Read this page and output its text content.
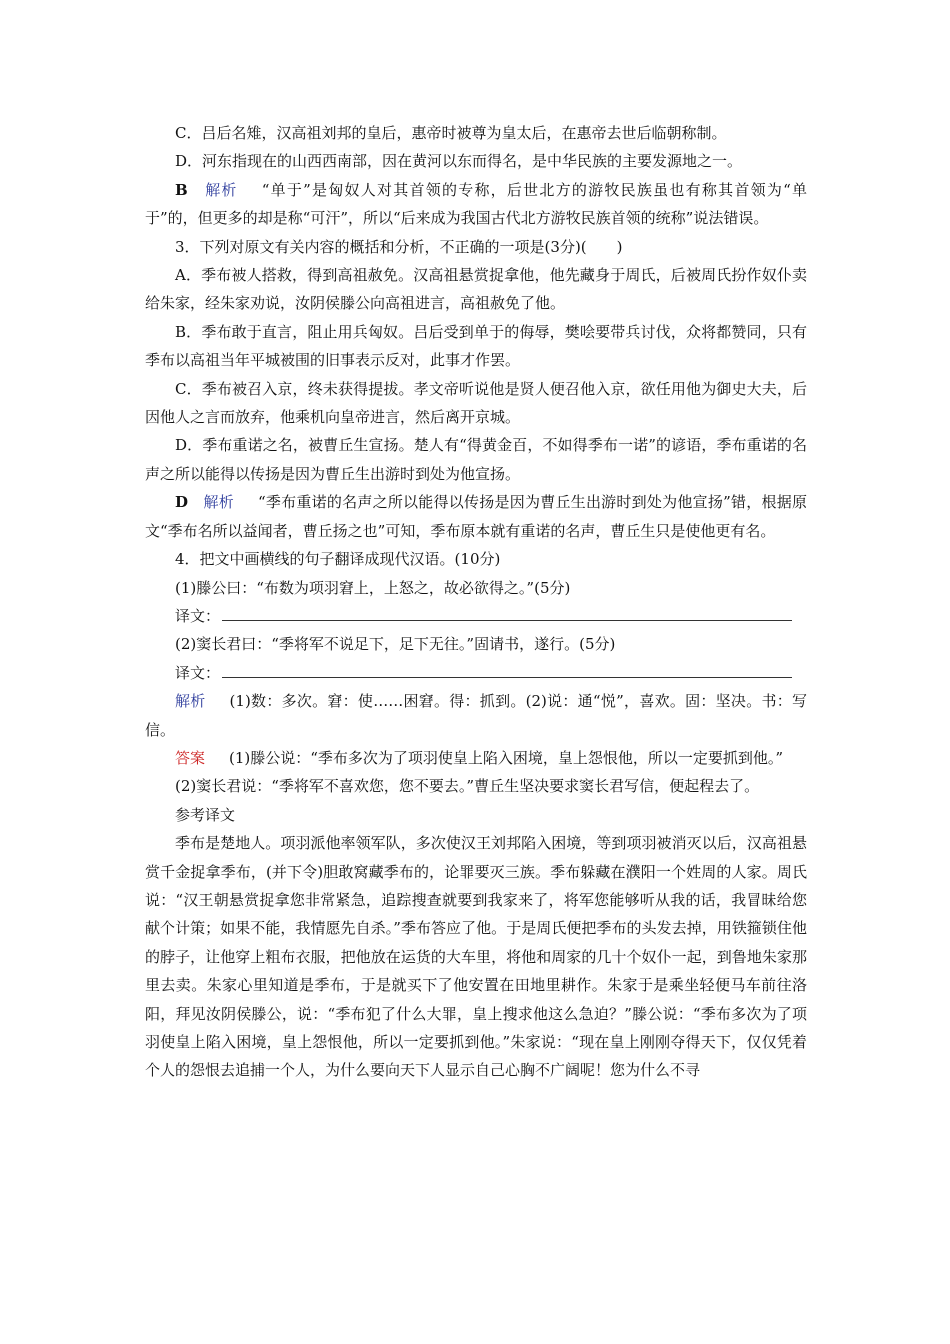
C．吕后名雉，汉高祖刘邦的皇后，惠帝时被尊为皇太后，在惠帝去世后临朝称制。

D．河东指现在的山西西南部，因在黄河以东而得名，是中华民族的主要发源地之一。

B　 解析 “单于”是匈奴人对其首领的专称，后世北方的游牧民族虽也有称其首领为“单于”的，但更多的却是称“可汗”，所以“后来成为我国古代北方游牧民族首领的统称”说法错误。

3．下列对原文有关内容的概括和分析，不正确的一项是(3分)(　　)

A．季布被人搭救，得到高祖赦免。汉高祖悬赏捉拿他，他先藏身于周氏，后被周氏扮作奴仆卖给朱家，经朱家劝说，汝阴侯滕公向高祖进言，高祖赦免了他。

B．季布敢于直言，阻止用兵匈奴。吕后受到单于的侮辱，樊哙要带兵讨伐，众将都赞同，只有季布以高祖当年平城被围的旧事表示反对，此事才作罢。

C．季布被召入京，终未获得提拔。孝文帝听说他是贤人便召他入京，欲任用他为御史大夫，后因他人之言而放弃，他乘机向皇帝进言，然后离开京城。

D．季布重诺之名，被曹丘生宣扬。楚人有“得黄金百，不如得季布一诺”的谚语，季布重诺的名声之所以能得以传扬是因为曹丘生出游时到处为他宣扬。

D　 解析 “季布重诺的名声之所以能得以传扬是因为曹丘生出游时到处为他宣扬”错，根据原文“季布名所以益闻者，曹丘扬之也”可知，季布原本就有重诺的名声，曹丘生只是使他更有名。

4．把文中画横线的句子翻译成现代汉语。(10分)

(1)滕公曰：“布数为项羽窘上，上怒之，故必欲得之。”(5分)

译文：

(2)窦长君曰：“季将军不说足下，足下无往。”固请书，遂行。(5分)

译文：

解析 (1)数：多次。窘：使……困窘。得：抓到。(2)说：通“悦”，喜欢。固：坚决。书：写信。

答案 (1)滕公说：“季布多次为了项羽使皇上陷入困境，皇上怨恨他，所以一定要抓到他。”

(2)窦长君说：“季将军不喜欢您，您不要去。”曹丘生坚决要求窦长君写信，便起程去了。

参考译文

季布是楚地人。项羽派他率领军队，多次使汉王刘邦陷入困境，等到项羽被消灭以后，汉高祖悬赏千金捉拿季布，(并下令)胆敢窝藏季布的，论罪要灭三族。季布躲藏在濮阳一个姓周的人家。周氏说：“汉王朝悬赏捉拿您非常紧急，追踪搜查就要到我家来了，将军您能够听从我的话，我冒昧给您献个计策；如果不能，我情愿先自杀。”季布答应了他。于是周氏便把季布的头发去掉，用铁箍锁住他的脖子，让他穿上粗布衣服，把他放在运货的大车里，将他和周家的几十个奴仆一起，到鲁地朱家那里去卖。朱家心里知道是季布，于是就买下了他安置在田地里耕作。朱家于是乘坐轻便马车前往洛阳，拜见汝阴侯滕公，说：“季布犯了什么大罪，皇上搜求他这么急迫？”滕公说：“季布多次为了项羽使皇上陷入困境，皇上怨恨他，所以一定要抓到他。”朱家说：“现在皇上刚刚夺得天下，仅仅凭着个人的怨恨去追捕一个人，为什么要向天下人显示自己心胸不广阔呢！您为什么不寻
